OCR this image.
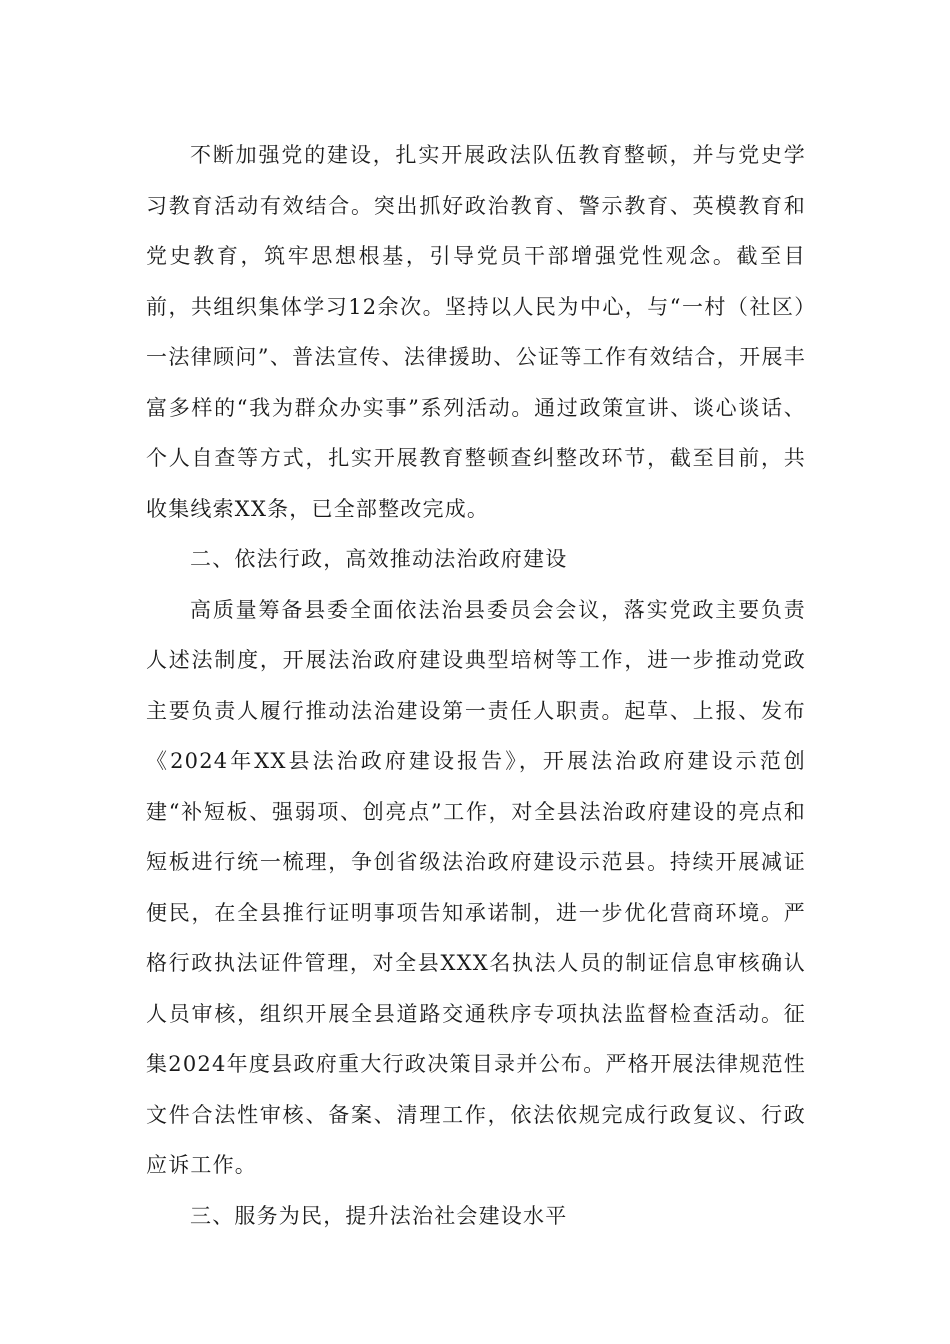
不断加强党的建设，扎实开展政法队伍教育整顿，并与党史学习教育活动有效结合。突出抓好政治教育、警示教育、英模教育和党史教育，筑牢思想根基，引导党员干部增强党性观念。截至目前，共组织集体学习12余次。坚持以人民为中心，与“一村（社区）一法律顾问”、普法宣传、法律援助、公证等工作有效结合，开展丰富多样的“我为群众办实事”系列活动。通过政策宣讲、谈心谈话、个人自查等方式，扎实开展教育整顿查纠整改环节，截至目前，共收集线索XX条，已全部整改完成。

二、依法行政，高效推动法治政府建设

高质量筹备县委全面依法治县委员会会议，落实党政主要负责人述法制度，开展法治政府建设典型培树等工作，进一步推动党政主要负责人履行推动法治建设第一责任人职责。起草、上报、发布《2024年XX县法治政府建设报告》，开展法治政府建设示范创建“补短板、强弱项、创亮点”工作，对全县法治政府建设的亮点和短板进行统一梳理，争创省级法治政府建设示范县。持续开展减证便民，在全县推行证明事项告知承诺制，进一步优化营商环境。严格行政执法证件管理，对全县XXX名执法人员的制证信息审核确认人员审核，组织开展全县道路交通秩序专项执法监督检查活动。征集2024年度县政府重大行政决策目录并公布。严格开展法律规范性文件合法性审核、备案、清理工作，依法依规完成行政复议、行政应诉工作。

三、服务为民，提升法治社会建设水平
